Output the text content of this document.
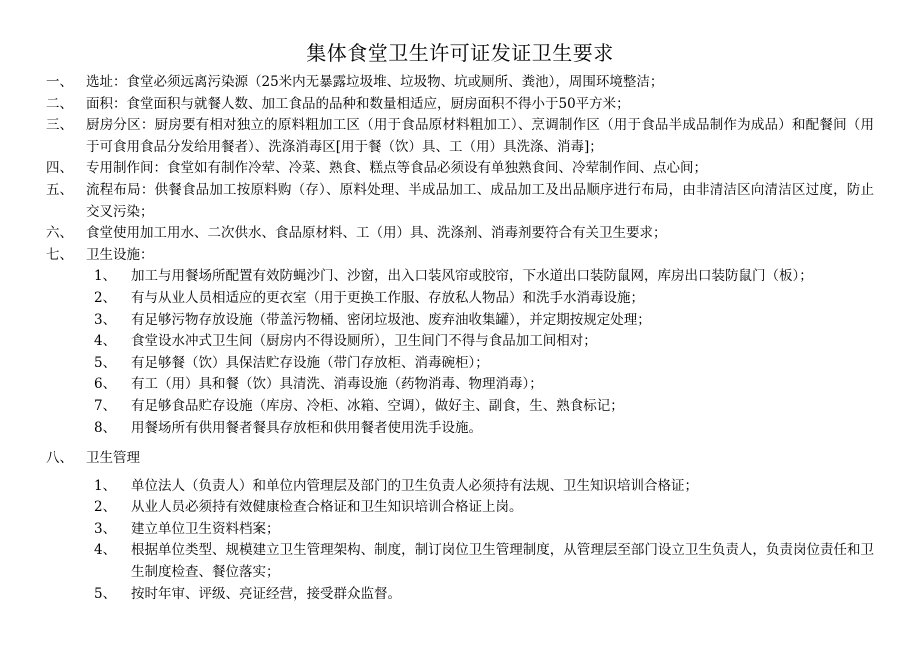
集体食堂卫生许可证发证卫生要求
一、 选址：食堂必须远离污染源（25米内无暴露垃圾堆、垃圾物、坑或厕所、粪池），周围环境整洁；
二、 面积：食堂面积与就餐人数、加工食品的品种和数量相适应，厨房面积不得小于50平方米；
三、 厨房分区：厨房要有相对独立的原料粗加工区（用于食品原材料粗加工）、烹调制作区（用于食品半成品制作为成品）和配餐间（用于可食用食品分发给用餐者）、洗涤消毒区[用于餐（饮）具、工（用）具洗涤、消毒]；
四、 专用制作间：食堂如有制作冷荤、冷菜、熟食、糕点等食品必须设有单独熟食间、冷荤制作间、点心间；
五、 流程布局：供餐食品加工按原料购（存）、原料处理、半成品加工、成品加工及出品顺序进行布局，由非清洁区向清洁区过度，防止交叉污染；
六、 食堂使用加工用水、二次供水、食品原材料、工（用）具、洗涤剂、消毒剂要符合有关卫生要求；
七、 卫生设施：
1、 加工与用餐场所配置有效防蝇沙门、沙窗，出入口装风帘或胶帘，下水道出口装防鼠网，库房出口装防鼠门（板）；
2、 有与从业人员相适应的更衣室（用于更换工作服、存放私人物品）和洗手水消毒设施；
3、 有足够污物存放设施（带盖污物桶、密闭垃圾池、废弃油收集罐），并定期按规定处理；
4、 食堂设水冲式卫生间（厨房内不得设厕所），卫生间门不得与食品加工间相对；
5、 有足够餐（饮）具保洁贮存设施（带门存放柜、消毒碗柜）；
6、 有工（用）具和餐（饮）具清洗、消毒设施（药物消毒、物理消毒）；
7、 有足够食品贮存设施（库房、冷柜、冰箱、空调），做好主、副食，生、熟食标记；
8、 用餐场所有供用餐者餐具存放柜和供用餐者使用洗手设施。
八、 卫生管理
1、 单位法人（负责人）和单位内管理层及部门的卫生负责人必须持有法规、卫生知识培训合格证；
2、 从业人员必须持有效健康检查合格证和卫生知识培训合格证上岗。
3、 建立单位卫生资料档案；
4、 根据单位类型、规模建立卫生管理架构、制度，制订岗位卫生管理制度，从管理层至部门设立卫生负责人，负责岗位责任和卫生制度检查、餐位落实；
5、 按时年审、评级、亮证经营，接受群众监督。
